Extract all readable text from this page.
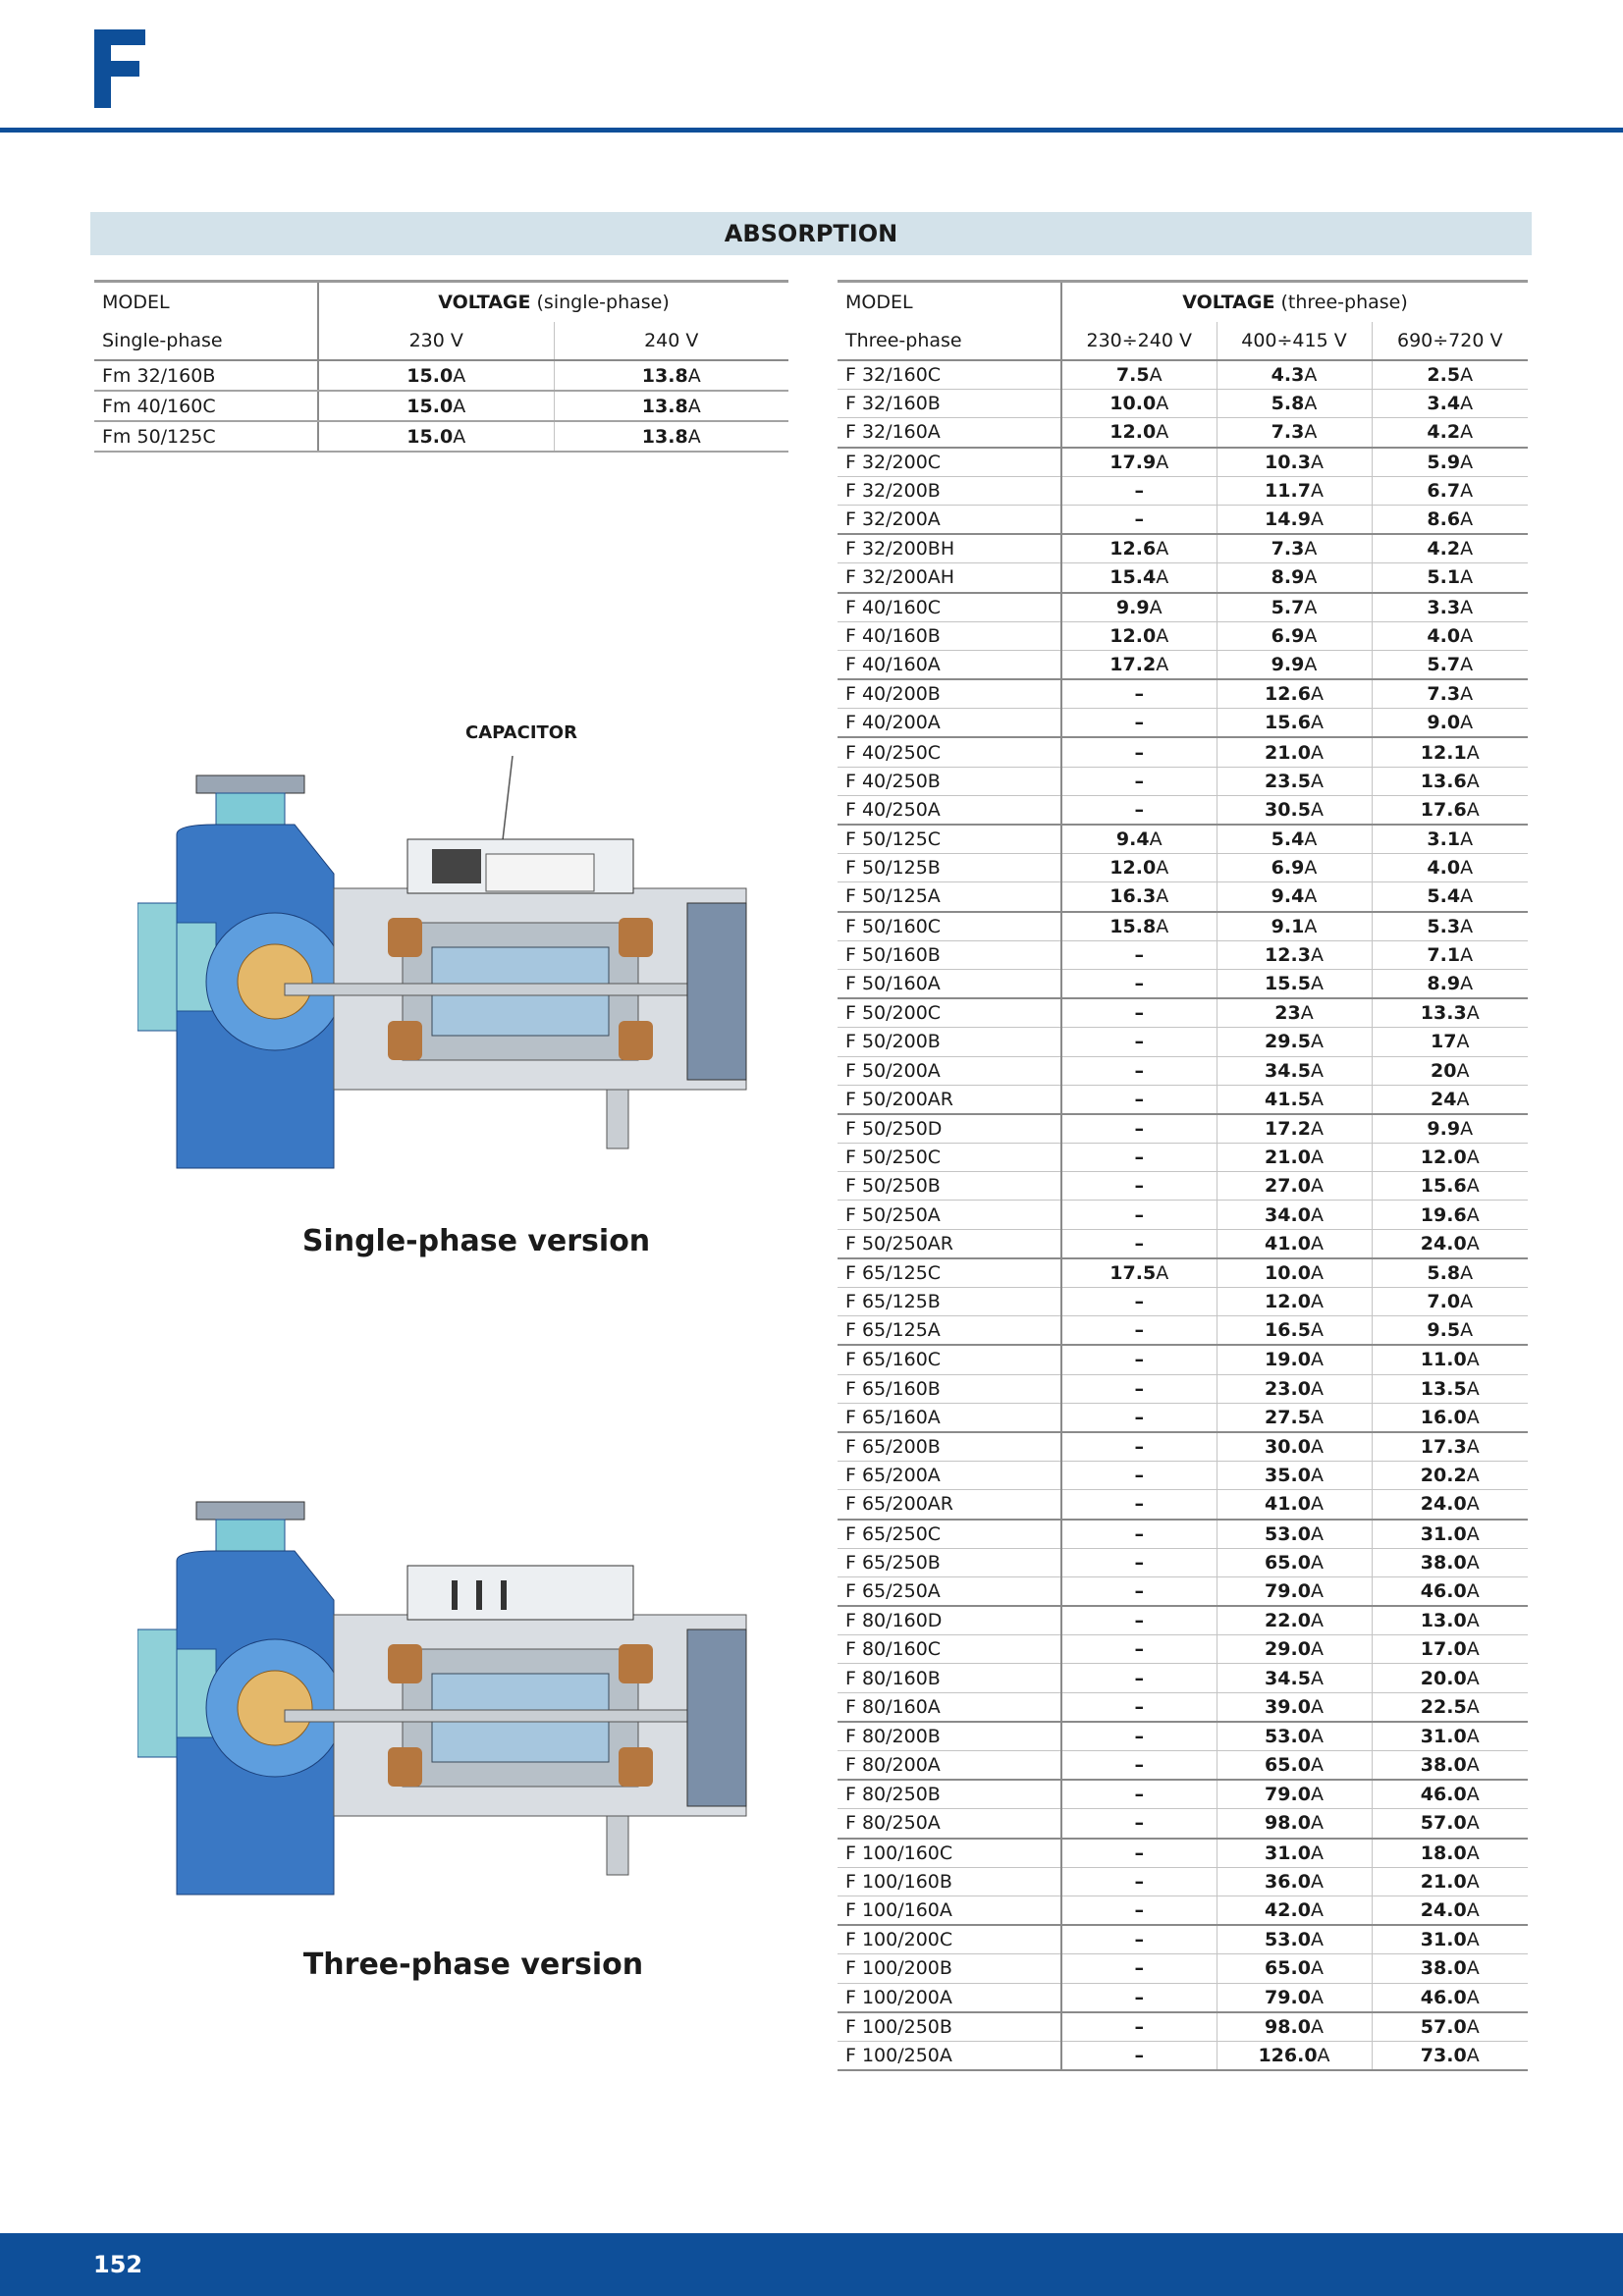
ABSORPTION
MODEL	VOLTAGE (single-phase)	
Single-phase	230 V	240 V
Fm 32/160B	15.0A	13.8A
Fm 40/160C	15.0A	13.8A
Fm 50/125C	15.0A	13.8A
MODEL	VOLTAGE (three-phase)		
Three-phase	230÷240 V	400÷415 V	690÷720 V
F 32/160C	7.5A	4.3A	2.5A
F 32/160B	10.0A	5.8A	3.4A
F 32/160A	12.0A	7.3A	4.2A
F 32/200C	17.9A	10.3A	5.9A
F 32/200B	–	11.7A	6.7A
F 32/200A	–	14.9A	8.6A
F 32/200BH	12.6A	7.3A	4.2A
F 32/200AH	15.4A	8.9A	5.1A
F 40/160C	9.9A	5.7A	3.3A
F 40/160B	12.0A	6.9A	4.0A
F 40/160A	17.2A	9.9A	5.7A
F 40/200B	–	12.6A	7.3A
F 40/200A	–	15.6A	9.0A
F 40/250C	–	21.0A	12.1A
F 40/250B	–	23.5A	13.6A
F 40/250A	–	30.5A	17.6A
F 50/125C	9.4A	5.4A	3.1A
F 50/125B	12.0A	6.9A	4.0A
F 50/125A	16.3A	9.4A	5.4A
F 50/160C	15.8A	9.1A	5.3A
F 50/160B	–	12.3A	7.1A
F 50/160A	–	15.5A	8.9A
F 50/200C	–	23A	13.3A
F 50/200B	–	29.5A	17A
F 50/200A	–	34.5A	20A
F 50/200AR	–	41.5A	24A
F 50/250D	–	17.2A	9.9A
F 50/250C	–	21.0A	12.0A
F 50/250B	–	27.0A	15.6A
F 50/250A	–	34.0A	19.6A
F 50/250AR	–	41.0A	24.0A
F 65/125C	17.5A	10.0A	5.8A
F 65/125B	–	12.0A	7.0A
F 65/125A	–	16.5A	9.5A
F 65/160C	–	19.0A	11.0A
F 65/160B	–	23.0A	13.5A
F 65/160A	–	27.5A	16.0A
F 65/200B	–	30.0A	17.3A
F 65/200A	–	35.0A	20.2A
F 65/200AR	–	41.0A	24.0A
F 65/250C	–	53.0A	31.0A
F 65/250B	–	65.0A	38.0A
F 65/250A	–	79.0A	46.0A
F 80/160D	–	22.0A	13.0A
F 80/160C	–	29.0A	17.0A
F 80/160B	–	34.5A	20.0A
F 80/160A	–	39.0A	22.5A
F 80/200B	–	53.0A	31.0A
F 80/200A	–	65.0A	38.0A
F 80/250B	–	79.0A	46.0A
F 80/250A	–	98.0A	57.0A
F 100/160C	–	31.0A	18.0A
F 100/160B	–	36.0A	21.0A
F 100/160A	–	42.0A	24.0A
F 100/200C	–	53.0A	31.0A
F 100/200B	–	65.0A	38.0A
F 100/200A	–	79.0A	46.0A
F 100/250B	–	98.0A	57.0A
F 100/250A	–	126.0A	73.0A
CAPACITOR
Single-phase version
Three-phase version
152
